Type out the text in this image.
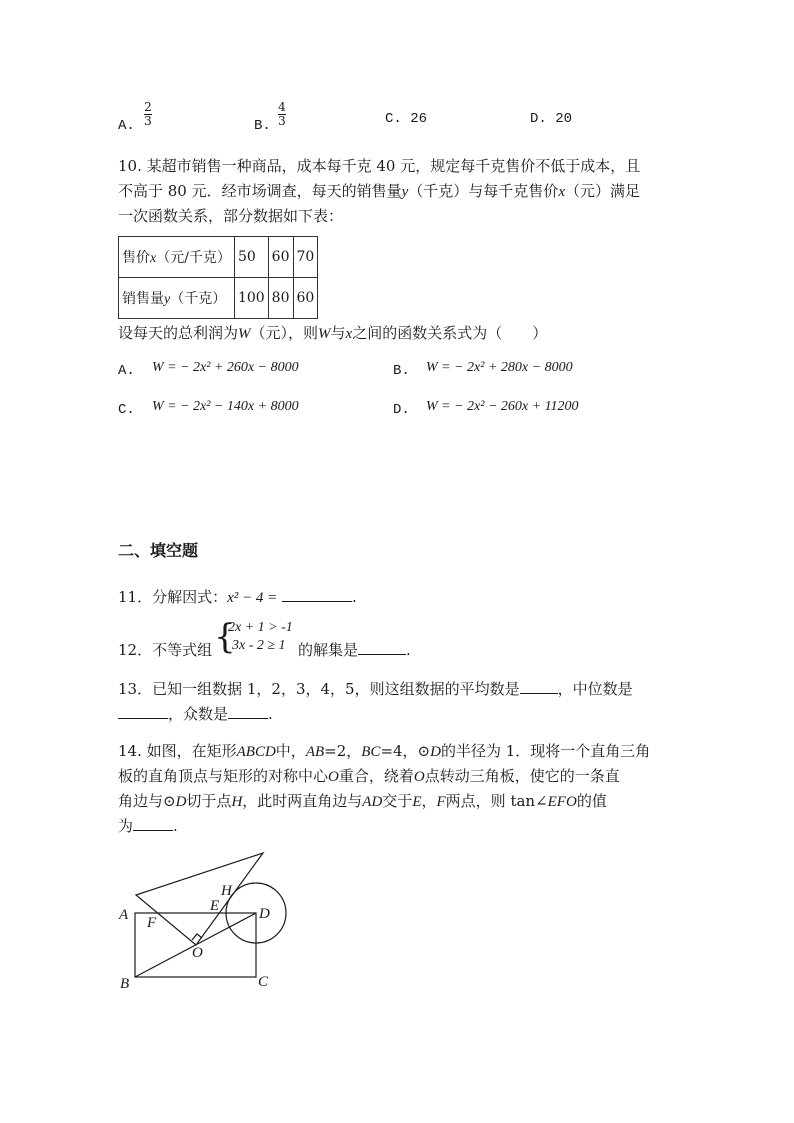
A. $\frac{2}{3}$	B. $\frac{4}{3}$	C. 26	D. 20
10. 某超市销售一种商品，成本每千克 40 元，规定每千克售价不低于成本，且
不高于 80 元．经市场调查，每天的销售量y（千克）与每千克售价x（元）满足
一次函数关系，部分数据如下表：
售价x（元/千克）	50	60	70
销售量y（千克）	100	80	60
设每天的总利润为W（元），则W与x之间的函数关系式为（　　）
A. W = − 2x² + 260x − 8000	B. W = − 2x² + 280x − 8000
C. W = − 2x² − 140x + 8000	D. W = − 2x² − 260x + 11200
二、填空题
11．分解因式：x² − 4 =	.
12．不等式组 {
2x + 1 > -1
3x - 2 ≥ 1 的解集是	.
13．已知一组数据 1，2，3，4，5，则这组数据的平均数是	，中位数是
，众数是	.
14. 如图，在矩形ABCD中，AB=2，BC=4，⊙D的半径为 1．现将一个直角三角
板的直角顶点与矩形的对称中心O重合，绕着O点转动三角板，使它的一条直
角边与⊙D切于点H，此时两直角边与AD交于E，F两点，则 tan∠EFO的值
为	.
A
B	C
D
O
E
F
H
